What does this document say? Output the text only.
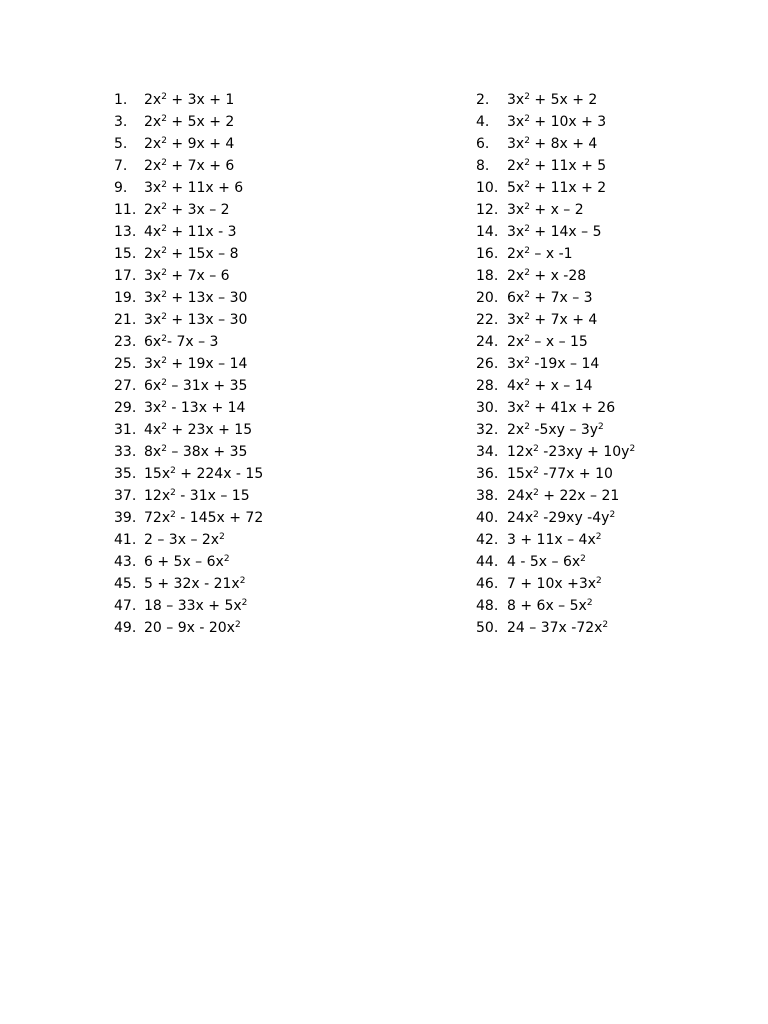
1. $2x^2 + 3x + 1$
3. $2x^2 + 5x + 2$
5. $2x^2 + 9x + 4$
7. $2x^2 + 7x + 6$
9. $3x^2 + 11x + 6$
11. $2x^2 + 3x - 2$
13. $4x^2 + 11x - 3$
15. $2x^2 + 15x - 8$
17. $3x^2 + 7x - 6$
19. $3x^2 + 13x - 30$
21. $3x^2 + 13x - 30$
23. $6x^2-$ 7x – 3
25. $3x^2 + 19x - 14$
27. $6x^2 - 31x + 35$
29. $3x^2 - 13x + 14$
31. $4x^2 + 23x + 15$
33. $8x^2 - 38x + 35$
35. $15x^2 + 224x - 15$
37. $12x^2 - 31x - 15$
39. $72x^2 - 145x + 72$
41. $2 - 3x - 2x^2$
43. $6 + 5x - 6x^2$
45. $5 + 32x - 21x^2$
47. $18 - 33x + 5x^2$
49. $20 - 9x - 20x^2$
2. $3x^2 + 5x + 2$
4. $3x^2 + 10x + 3$
6. $3x^2 + 8x + 4$
8. $2x^2 + 11x + 5$
10. $5x^2 + 11x + 2$
12. $3x^2 + x - 2$
14. $3x^2 + 14x - 5$
16. $2x^2$ – x -1
18. $2x^2 + x$ -28
20. $6x^2 + 7x - 3$
22. $3x^2 + 7x + 4$
24. $2x^2$ – x – 15
26. $3x^2$ -19x – 14
28. $4x^2 + x - 14$
30. $3x^2 + 41x + 26$
32. $2x^2$ $-5xy - 3y^2$
34. $12x^2$ $-23xy + 10y^2$
36. $15x^2$ -77x + 10
38. $24x^2 + 22x - 21$
40. $24x^2$ -29xy $-4y^2$
42. $3 + 11x - 4x^2$
44. $4 - 5x - 6x^2$
46. $7 + 10x +3x^2$
48. $8 + 6x - 5x^2$
50. 24 – 37x $-72x^2$
